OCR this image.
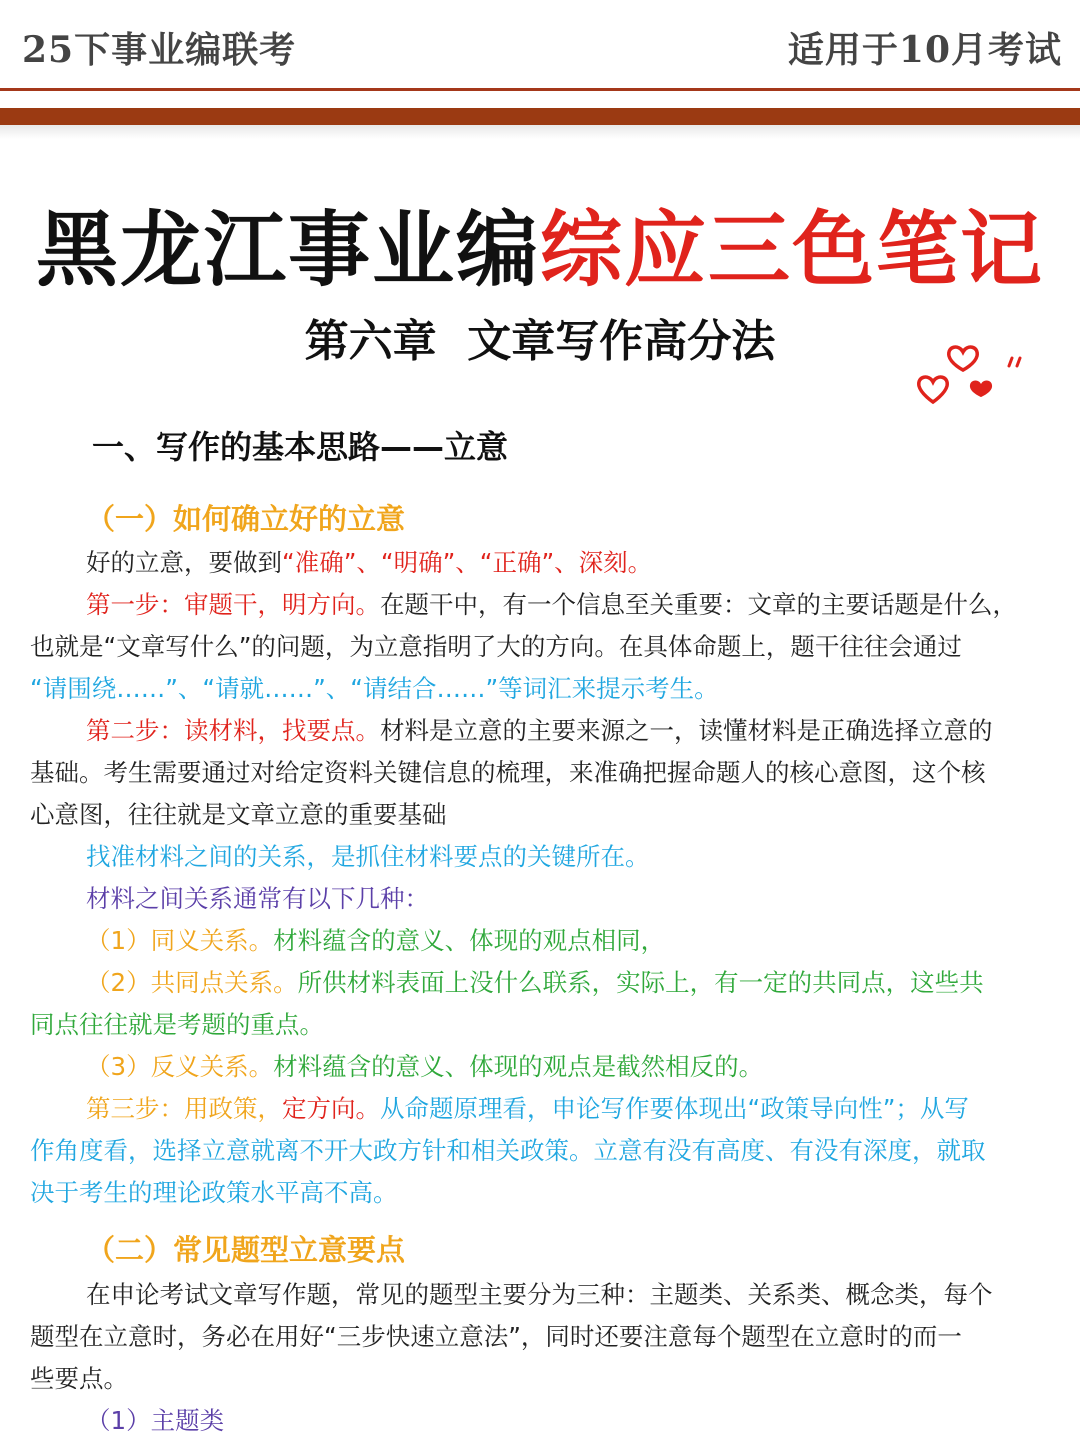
25下事业编联考	适用于10月考试
黑龙江事业编综应三色笔记
第六章  文章写作高分法
一、写作的基本思路——立意
（一）如何确立好的立意
好的立意，要做到“准确”、“明确”、“正确”、深刻。
第一步：审题干，明方向。在题干中，有一个信息至关重要：文章的主要话题是什么，
也就是“文章写什么”的问题，为立意指明了大的方向。在具体命题上，题干往往会通过
“请围绕……”、“请就……”、“请结合……”等词汇来提示考生。
第二步：读材料，找要点。材料是立意的主要来源之一，读懂材料是正确选择立意的
基础。考生需要通过对给定资料关键信息的梳理，来准确把握命题人的核心意图，这个核
心意图，往往就是文章立意的重要基础
找准材料之间的关系，是抓住材料要点的关键所在。
材料之间关系通常有以下几种：
（1）同义关系。材料蕴含的意义、体现的观点相同，
（2）共同点关系。所供材料表面上没什么联系，实际上，有一定的共同点，这些共
同点往往就是考题的重点。
（3）反义关系。材料蕴含的意义、体现的观点是截然相反的。
第三步：用政策，定方向。从命题原理看，申论写作要体现出“政策导向性”；从写
作角度看，选择立意就离不开大政方针和相关政策。立意有没有高度、有没有深度，就取
决于考生的理论政策水平高不高。
（二）常见题型立意要点
在申论考试文章写作题，常见的题型主要分为三种：主题类、关系类、概念类，每个
题型在立意时，务必在用好“三步快速立意法”，同时还要注意每个题型在立意时的而一
些要点。
（1）主题类
